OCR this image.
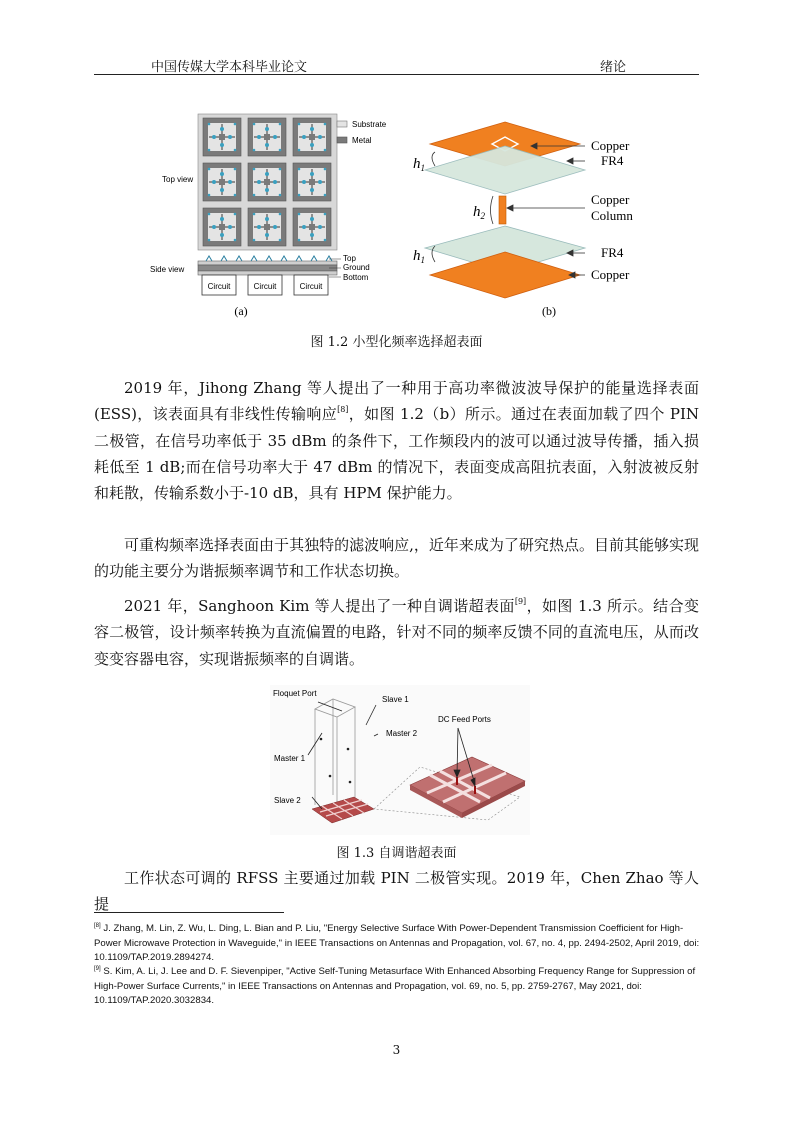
中国传媒大学本科毕业论文	绪论
Substrate
Metal
Top view
Circuit	Circuit	Circuit
Side view
Top
Ground
Bottom
(a)
$h_1$
$h_2$
$h_1$
Copper
FR4
Copper
Column
FR4
Copper
(b)
图 1.2 小型化频率选择超表面
2019 年，Jihong Zhang 等人提出了一种用于高功率微波波导保护的能量选择表面(ESS)，该表面具有非线性传输响应[8]，如图 1.2（b）所示。通过在表面加载了四个 PIN 二极管，在信号功率低于 35 dBm 的条件下，工作频段内的波可以通过波导传播，插入损耗低至 1 dB;而在信号功率大于 47 dBm 的情况下，表面变成高阻抗表面，入射波被反射和耗散，传输系数小于-10 dB，具有 HPM 保护能力。
可重构频率选择表面由于其独特的滤波响应,，近年来成为了研究热点。目前其能够实现的功能主要分为谐振频率调节和工作状态切换。
2021 年，Sanghoon Kim 等人提出了一种自调谐超表面[9]，如图 1.3 所示。结合变容二极管，设计频率转换为直流偏置的电路，针对不同的频率反馈不同的直流电压，从而改变变容器电容，实现谐振频率的自调谐。
Floquet Port
Slave 1
Master 2
Master 1
Slave 2
DC Feed Ports
图 1.3 自调谐超表面
工作状态可调的 RFSS 主要通过加载 PIN 二极管实现。2019 年，Chen Zhao 等人提
[8] J. Zhang, M. Lin, Z. Wu, L. Ding, L. Bian and P. Liu, "Energy Selective Surface With Power-Dependent Transmission Coefficient for High-Power Microwave Protection in Waveguide," in IEEE Transactions on Antennas and Propagation, vol. 67, no. 4, pp. 2494-2502, April 2019, doi: 10.1109/TAP.2019.2894274.
[9] S. Kim, A. Li, J. Lee and D. F. Sievenpiper, "Active Self-Tuning Metasurface With Enhanced Absorbing Frequency Range for Suppression of High-Power Surface Currents," in IEEE Transactions on Antennas and Propagation, vol. 69, no. 5, pp. 2759-2767, May 2021, doi: 10.1109/TAP.2020.3032834.
3
